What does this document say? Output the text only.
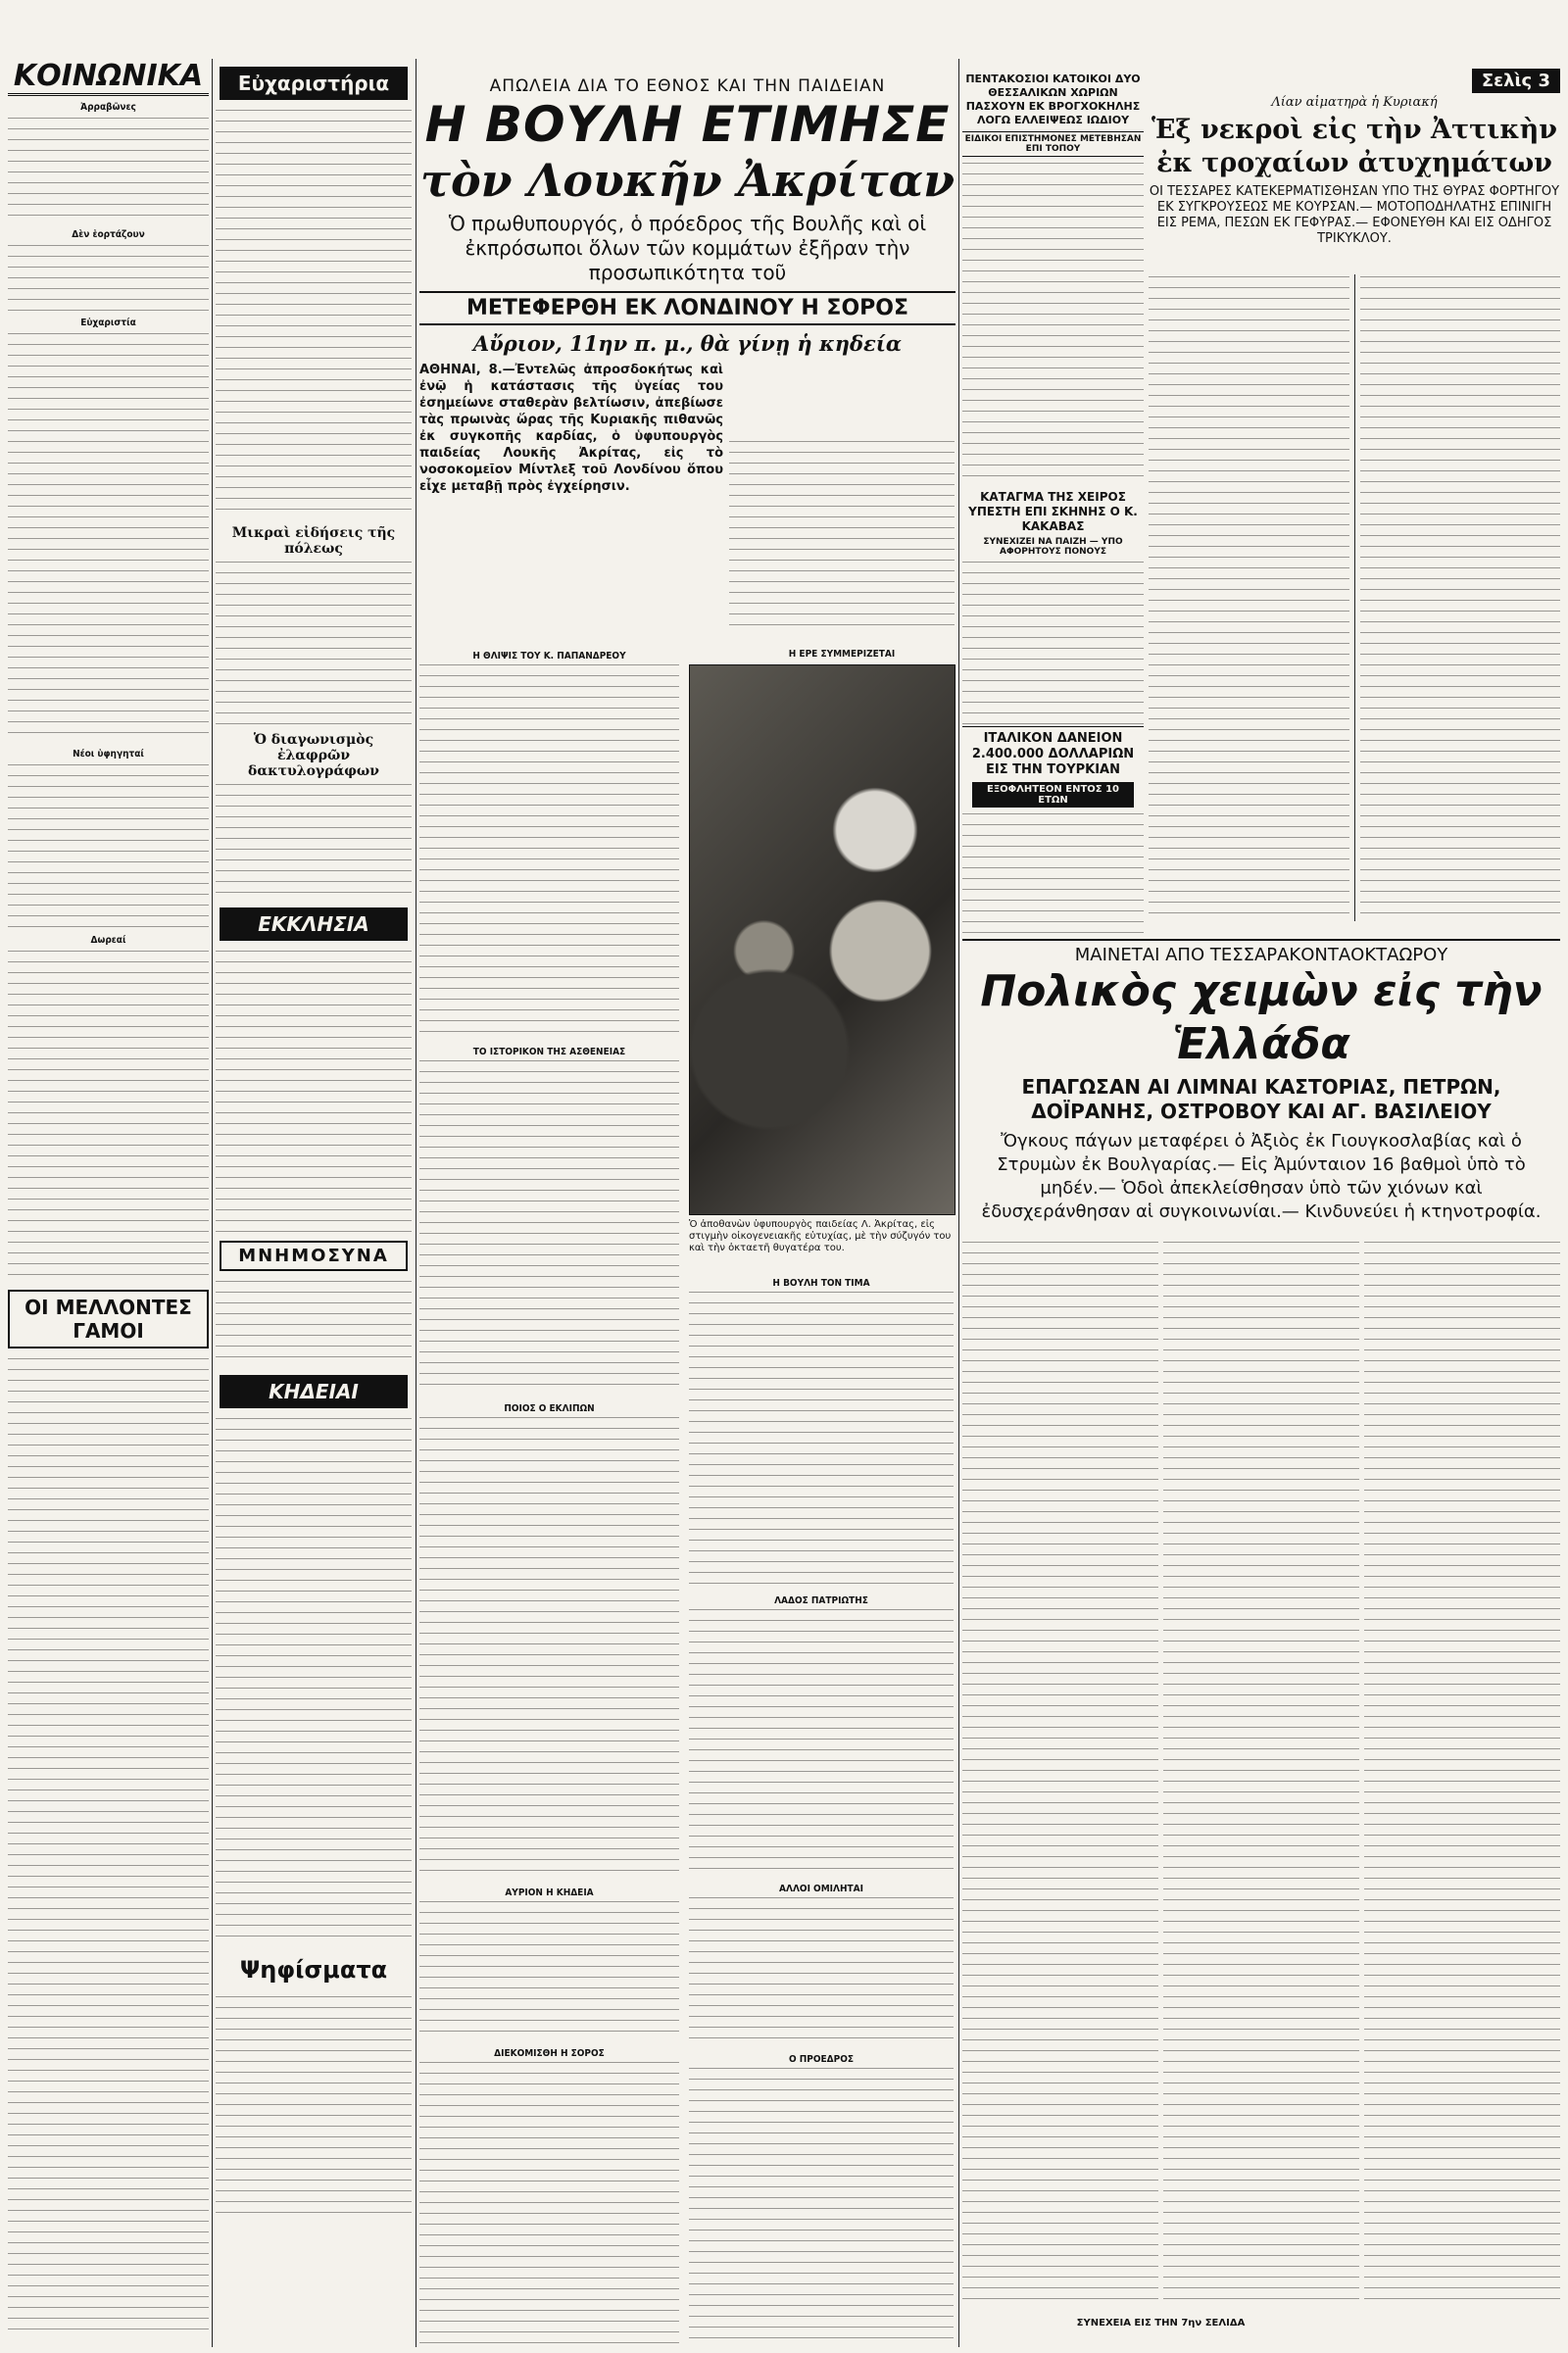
ΚΟΙΝΩΝΙΚΑ
Ἀρραβῶνες
Δὲν ἑορτάζουν
Εὐχαριστία
Νέοι ὑφηγηταί
Δωρεαί
ΟΙ ΜΕΛΛΟΝΤΕΣ ΓΑΜΟΙ
Εὐχαριστήρια
Μικραὶ εἰδήσεις τῆς πόλεως
Ὁ διαγωνισμὸς ἐλαφρῶν δακτυλογράφων
ΕΚΚΛΗΣΙΑ
ΜΝΗΜΟΣΥΝΑ
ΚΗΔΕΙΑΙ
Ψηφίσματα
ΑΠΩΛΕΙΑ ΔΙΑ ΤΟ ΕΘΝΟΣ ΚΑΙ ΤΗΝ ΠΑΙΔΕΙΑΝ
Η ΒΟΥΛΗ ΕΤΙΜΗΣΕ
τὸν Λουκῆν Ἀκρίταν
Ὁ πρωθυπουργός, ὁ πρόεδρος τῆς Βουλῆς καὶ οἱ ἐκπρόσωποι ὅλων τῶν κομμάτων ἐξῆραν τὴν προσωπικότητα τοῦ
ΜΕΤΕΦΕΡΘΗ ΕΚ ΛΟΝΔΙΝΟΥ Η ΣΟΡΟΣ
Αὔριον, 11ην π. μ., θὰ γίνῃ ἡ κηδεία
ΑΘΗΝΑΙ, 8.—Ἐντελῶς ἀπροσδοκήτως καὶ ἐνῷ ἡ κατάστασις τῆς ὑγείας του ἐσημείωνε σταθερὰν βελτίωσιν, ἀπεβίωσε τὰς πρωινὰς ὥρας τῆς Κυριακῆς πιθανῶς ἐκ συγκοπῆς καρδίας, ὁ ὑφυπουργὸς παιδείας Λουκῆς Ἀκρίτας, εἰς τὸ νοσοκομεῖον Μίντλεξ τοῦ Λονδίνου ὅπου εἶχε μεταβῇ πρὸς ἐγχείρησιν.
Η ΘΛΙΨΙΣ ΤΟΥ Κ. ΠΑΠΑΝΔΡΕΟΥ
ΤΟ ΙΣΤΟΡΙΚΟΝ ΤΗΣ ΑΣΘΕΝΕΙΑΣ
ΠΟΙΟΣ Ο ΕΚΛΙΠΩΝ
ΑΥΡΙΟΝ Η ΚΗΔΕΙΑ
ΔΙΕΚΟΜΙΣΘΗ Η ΣΟΡΟΣ
Η ΕΡΕ ΣΥΜΜΕΡΙΖΕΤΑΙ
Ὁ ἀποθανὼν ὑφυπουργὸς παιδείας Λ. Ἀκρίτας, εἰς στιγμὴν οἰκογενειακῆς εὐτυχίας, μὲ τὴν σύζυγόν του καὶ τὴν ὀκταετῆ θυγατέρα του.
Η ΒΟΥΛΗ ΤΟΝ ΤΙΜΑ
ΛΑΔΟΣ ΠΑΤΡΙΩΤΗΣ
ΑΛΛΟΙ ΟΜΙΛΗΤΑΙ
Ο ΠΡΟΕΔΡΟΣ
ΠΕΝΤΑΚΟΣΙΟΙ ΚΑΤΟΙΚΟΙ ΔΥΟ ΘΕΣΣΑΛΙΚΩΝ ΧΩΡΙΩΝ ΠΑΣΧΟΥΝ ΕΚ ΒΡΟΓΧΟΚΗΛΗΣ ΛΟΓΩ ΕΛΛΕΙΨΕΩΣ ΙΩΔΙΟΥ
ΕΙΔΙΚΟΙ ΕΠΙΣΤΗΜΟΝΕΣ ΜΕΤΕΒΗΣΑΝ ΕΠΙ ΤΟΠΟΥ
ΚΑΤΑΓΜΑ ΤΗΣ ΧΕΙΡΟΣ ΥΠΕΣΤΗ ΕΠΙ ΣΚΗΝΗΣ Ο Κ. ΚΑΚΑΒΑΣ
ΣΥΝΕΧΙΖΕΙ ΝΑ ΠΑΙΖΗ — ΥΠΟ ΑΦΟΡΗΤΟΥΣ ΠΟΝΟΥΣ
ΙΤΑΛΙΚΟΝ ΔΑΝΕΙΟΝ 2.400.000 ΔΟΛΛΑΡΙΩΝ ΕΙΣ ΤΗΝ ΤΟΥΡΚΙΑΝ
ΕΞΟΦΛΗΤΕΟΝ ΕΝΤΟΣ 10 ΕΤΩΝ
Σελὶς 3
Λίαν αἱματηρὰ ἡ Κυριακή
Ἑξ νεκροὶ εἰς τὴν Ἀττικὴν ἐκ τροχαίων ἀτυχημάτων
ΟΙ ΤΕΣΣΑΡΕΣ ΚΑΤΕΚΕΡΜΑΤΙΣΘΗΣΑΝ ΥΠΟ ΤΗΣ ΘΥΡΑΣ ΦΟΡΤΗΓΟΥ ΕΚ ΣΥΓΚΡΟΥΣΕΩΣ ΜΕ ΚΟΥΡΣΑΝ.— ΜΟΤΟΠΟΔΗΛΑΤΗΣ ΕΠΙΝΙΓΗ ΕΙΣ ΡΕΜΑ, ΠΕΣΩΝ ΕΚ ΓΕΦΥΡΑΣ.— ΕΦΟΝΕΥΘΗ ΚΑΙ ΕΙΣ ΟΔΗΓΟΣ ΤΡΙΚΥΚΛΟΥ.
ΜΑΙΝΕΤΑΙ ΑΠΟ ΤΕΣΣΑΡΑΚΟΝΤΑΟΚΤΑΩΡΟΥ
Πολικὸς χειμὼν εἰς τὴν Ἑλλάδα
ΕΠΑΓΩΣΑΝ ΑΙ ΛΙΜΝΑΙ ΚΑΣΤΟΡΙΑΣ, ΠΕΤΡΩΝ, ΔΟΪΡΑΝΗΣ, ΟΣΤΡΟΒΟΥ ΚΑΙ ΑΓ. ΒΑΣΙΛΕΙΟΥ
Ὄγκους πάγων μεταφέρει ὁ Ἀξιὸς ἐκ Γιουγκοσλαβίας καὶ ὁ Στρυμὼν ἐκ Βουλγαρίας.— Εἰς Ἀμύνταιον 16 βαθμοὶ ὑπὸ τὸ μηδέν.— Ὁδοὶ ἀπεκλείσθησαν ὑπὸ τῶν χιόνων καὶ ἐδυσχεράνθησαν αἱ συγκοινωνίαι.— Κινδυνεύει ἡ κτηνοτροφία.
ΣΥΝΕΧΕΙΑ ΕΙΣ ΤΗΝ 7ην ΣΕΛΙΔΑ
